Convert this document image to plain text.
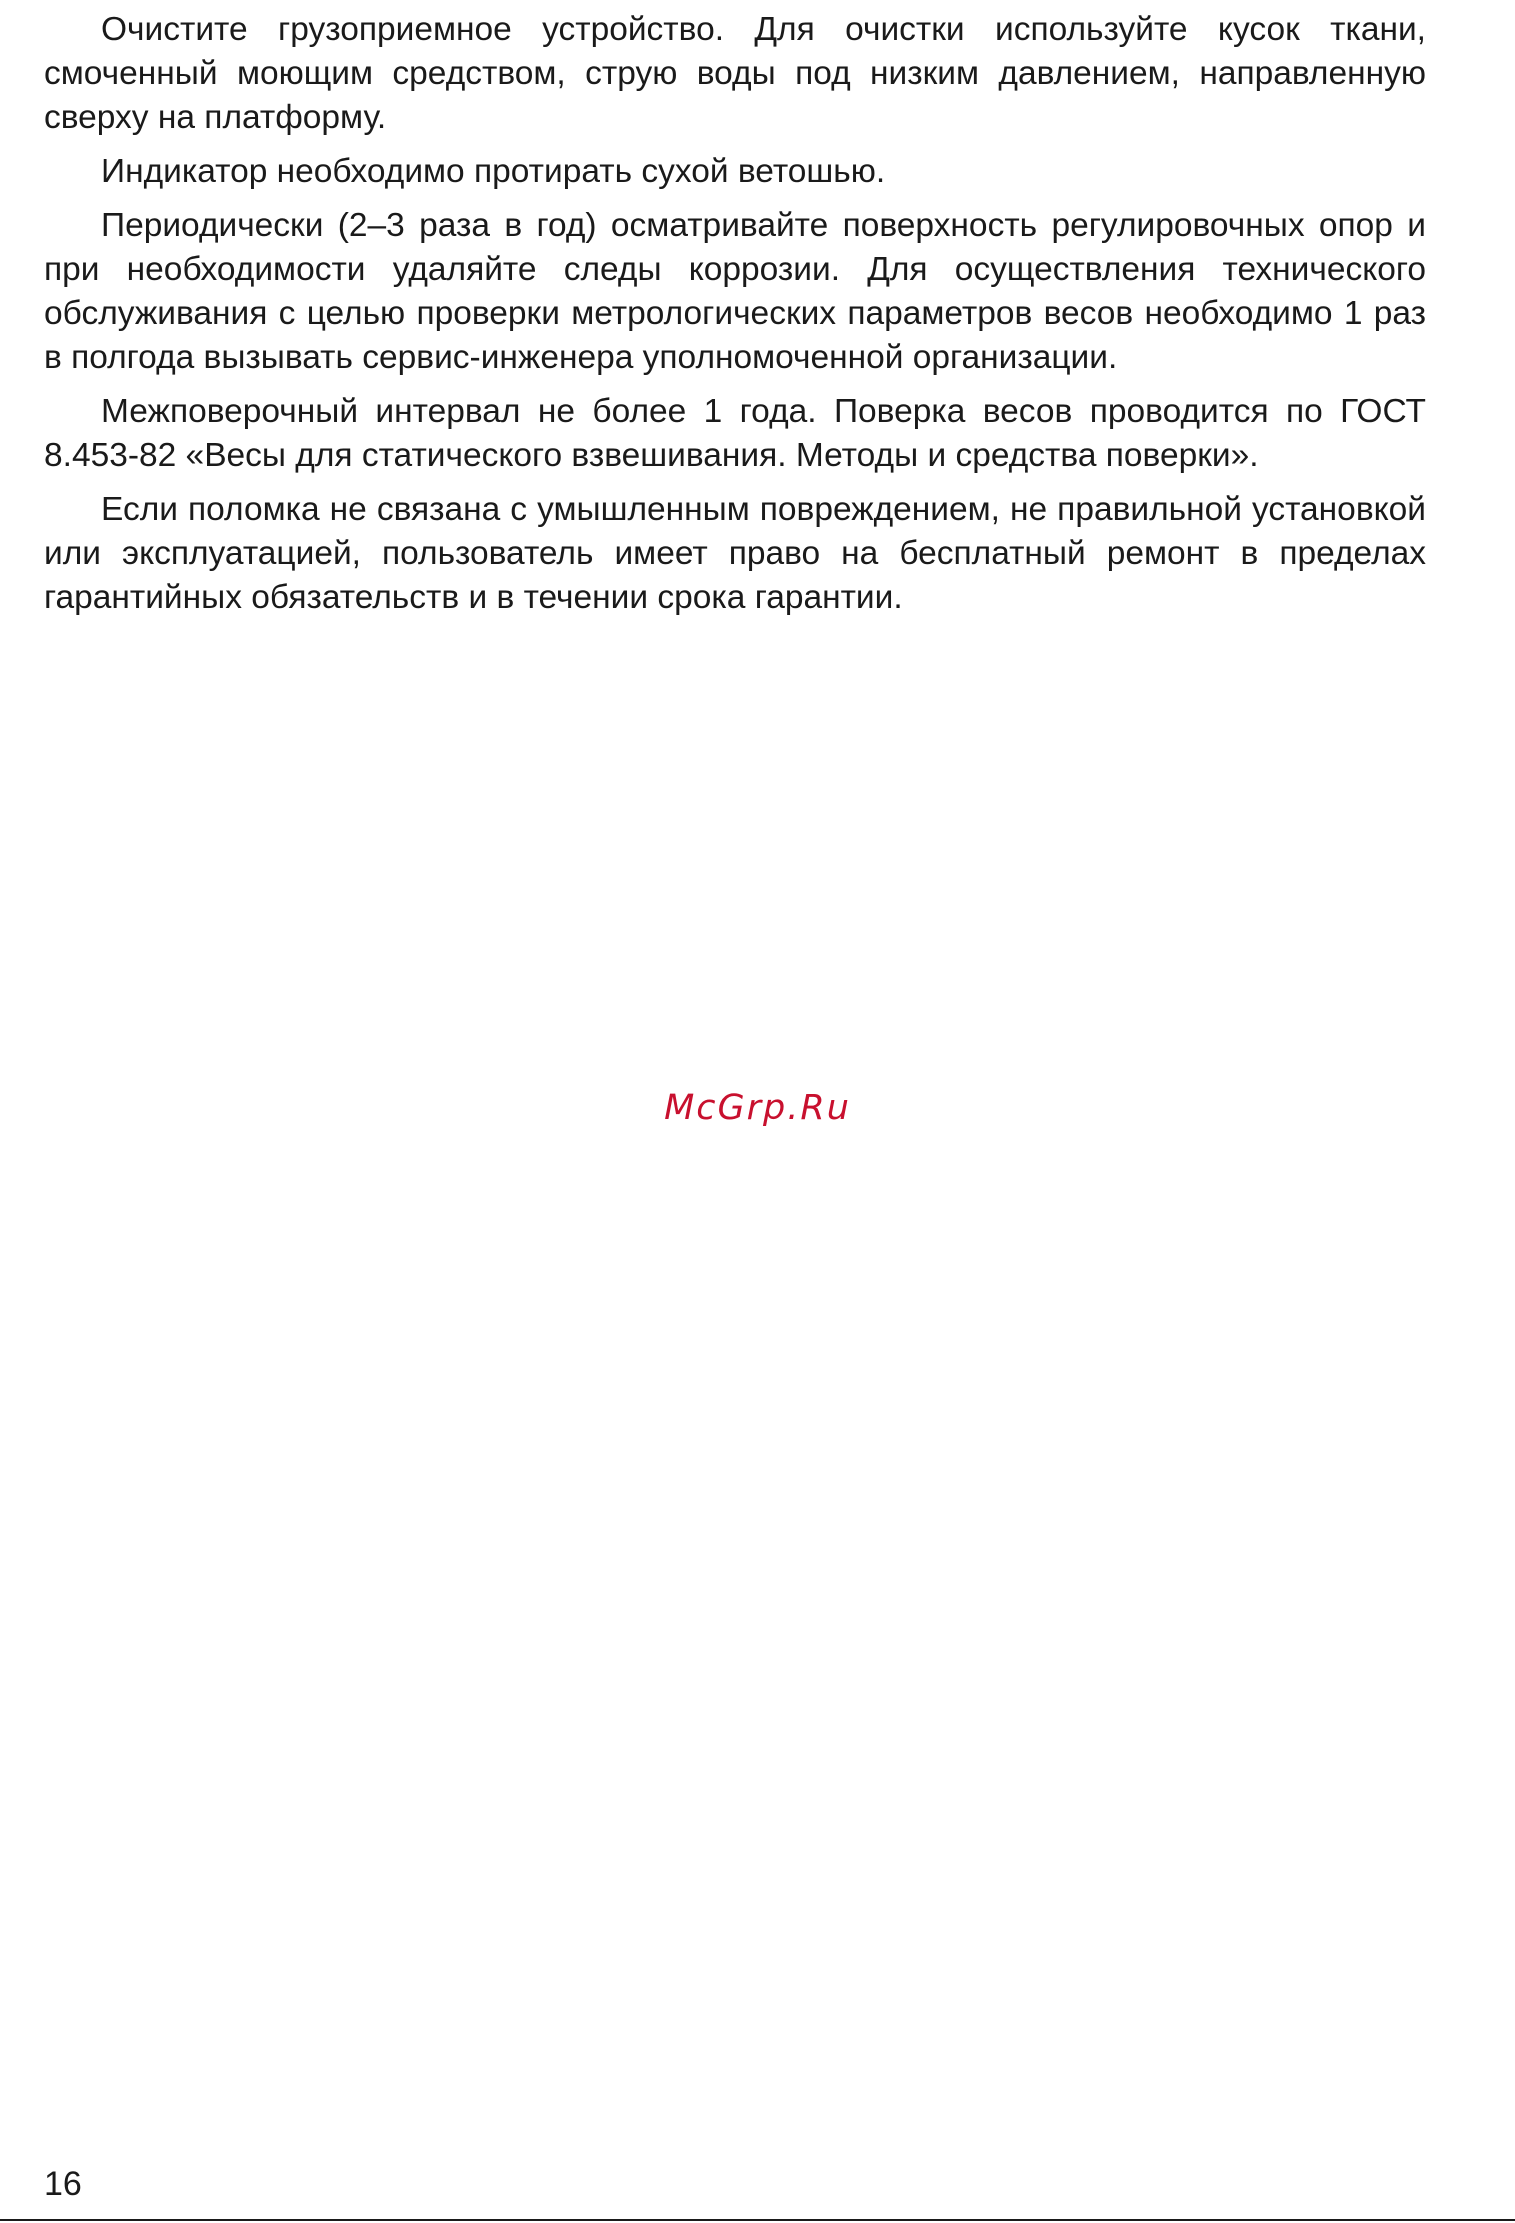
Очистите грузоприемное устройство. Для очистки используйте кусок ткани, смоченный моющим средством, струю воды под низким давлением, направленную сверху на платформу.

Индикатор необходимо протирать сухой ветошью.

Периодически (2–3 раза в год) осматривайте поверхность регулировочных опор и при необходимости удаляйте следы коррозии. Для осуществления технического обслуживания с целью проверки метрологических параметров весов необходимо 1 раз в полгода вызывать сервис-инженера уполномоченной организации.

Межповерочный интервал не более 1 года. Поверка весов проводится по ГОСТ 8.453-82 «Весы для статического взвешивания. Методы и средства поверки».

Если поломка не связана с умышленным повреждением, не правильной установкой или эксплуатацией, пользователь имеет право на бесплатный ремонт в пределах гарантийных обязательств и в течении срока гарантии.

McGrp.Ru
16
